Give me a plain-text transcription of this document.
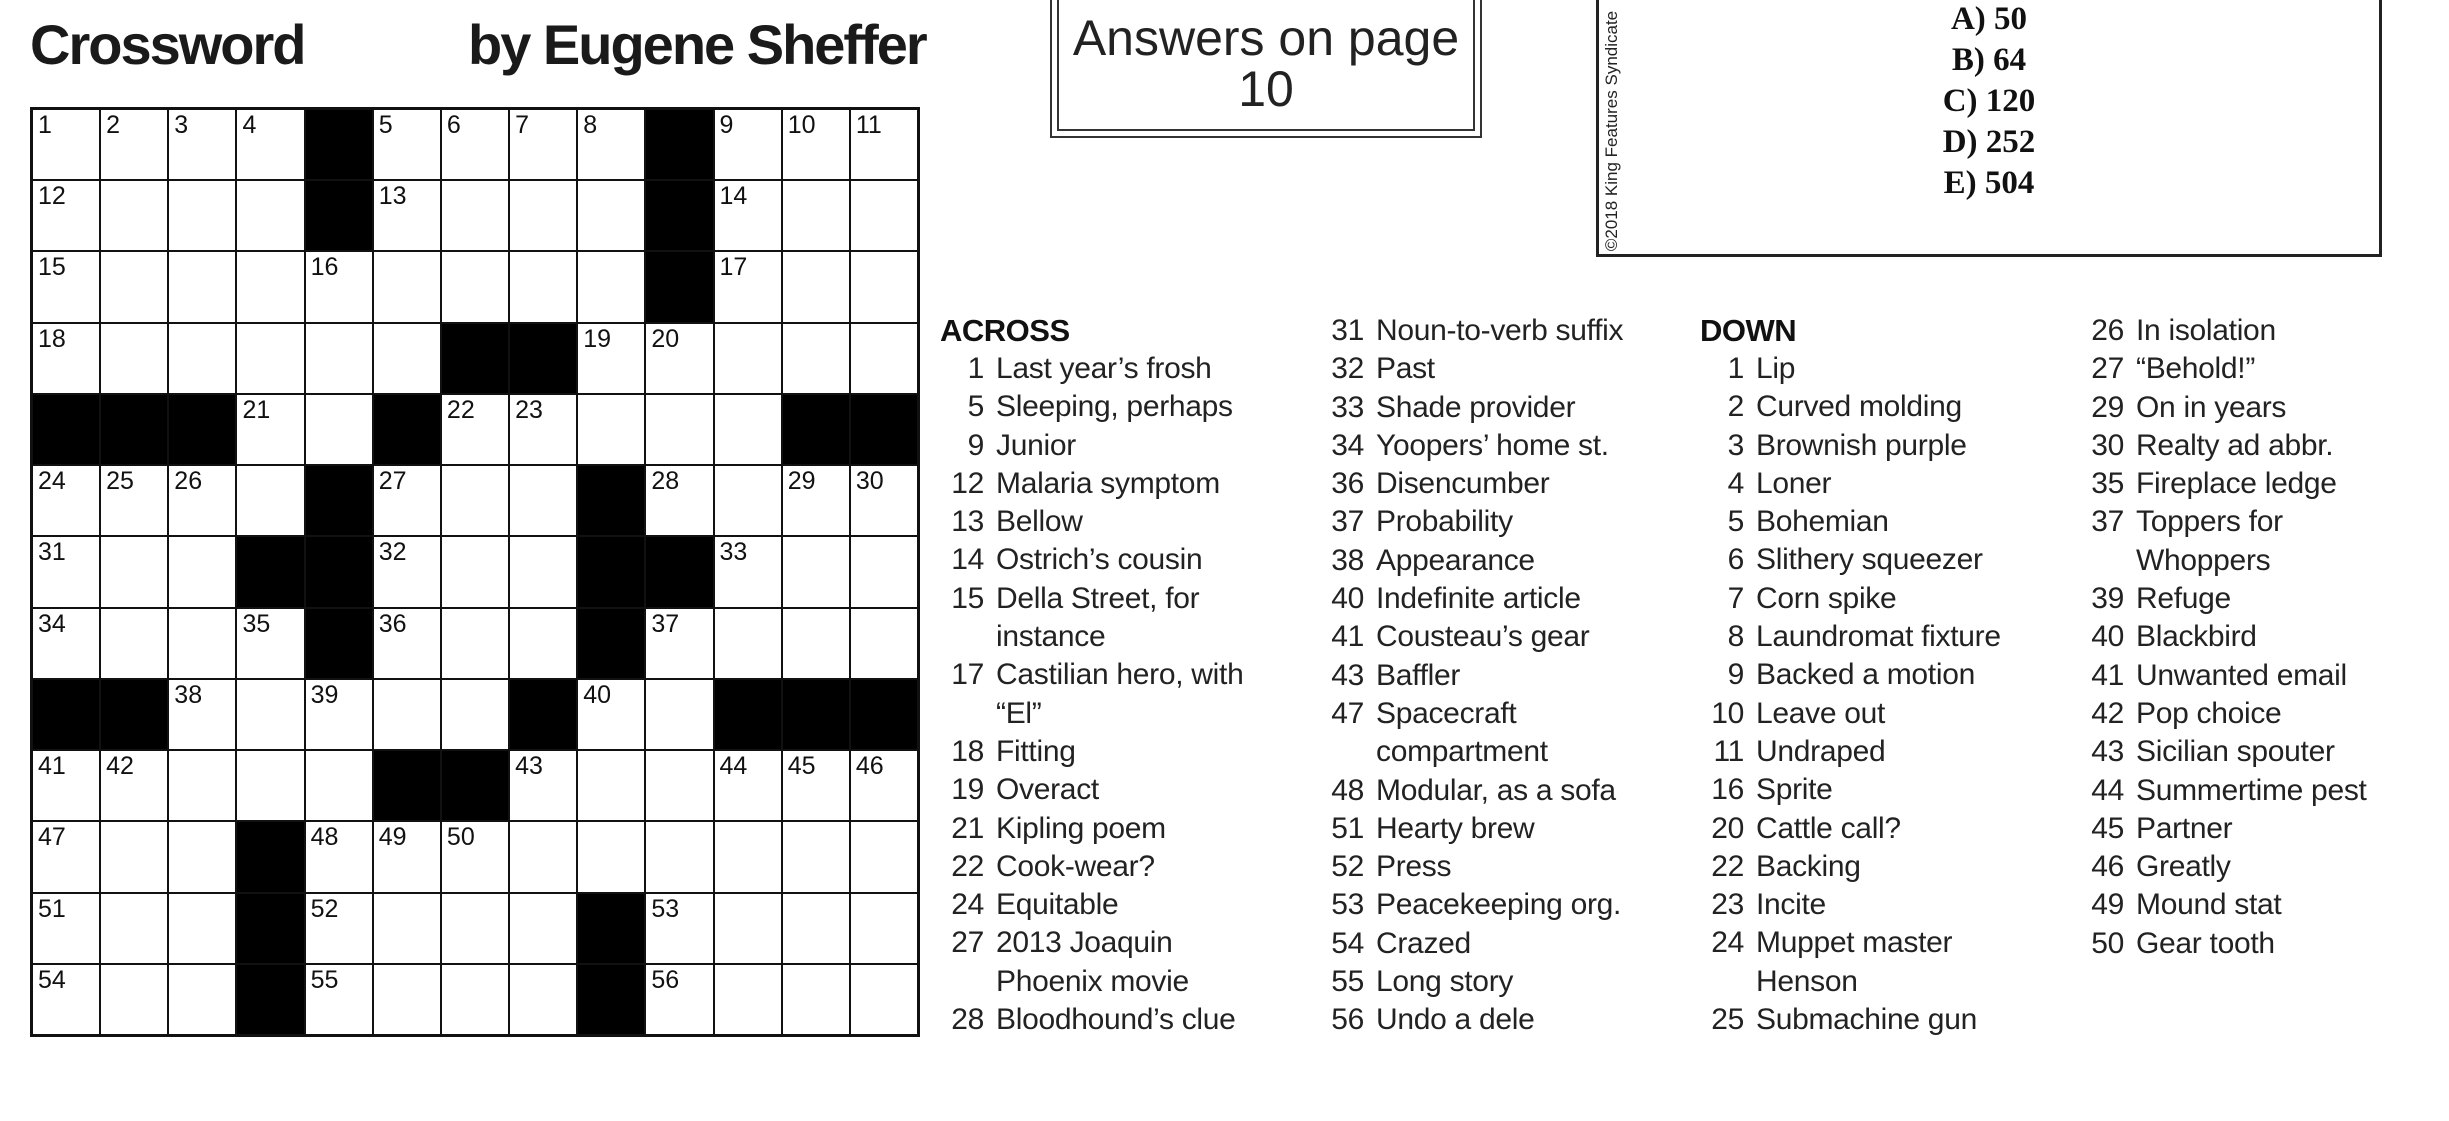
Crossword	by Eugene Sheffer
1 2 3 4	5 6 7 8	9 10 11
12	13	14
15	16	17
18	19 20
21	22 23
24 25 26	27	28	29 30
31	32	33
34	35	36	37
38	39	40
41 42	43	44 45 46
47	48 49 50
51	52	53
54	55	56
Answers on page
10
A) 50
B) 64
C) 120
D) 252
E) 504
©2018 King Features Syndicate
ACROSS
1 Last year’s frosh
5 Sleeping, perhaps
9 Junior
12 Malaria symptom
13 Bellow
14 Ostrich’s cousin
15 Della Street, for
instance
17 Castilian hero, with
“El”
18 Fitting
19 Overact
21 Kipling poem
22 Cook-wear?
24 Equitable
27 2013 Joaquin
Phoenix movie
28 Bloodhound’s clue
31 Noun-to-verb suffix
32 Past
33 Shade provider
34 Yoopers’ home st.
36 Disencumber
37 Probability
38 Appearance
40 Indefinite article
41 Cousteau’s gear
43 Baffler
47 Spacecraft
compartment
48 Modular, as a sofa
51 Hearty brew
52 Press
53 Peacekeeping org.
54 Crazed
55 Long story
56 Undo a dele
DOWN
1 Lip
2 Curved molding
3 Brownish purple
4 Loner
5 Bohemian
6 Slithery squeezer
7 Corn spike
8 Laundromat fixture
9 Backed a motion
10 Leave out
11 Undraped
16 Sprite
20 Cattle call?
22 Backing
23 Incite
24 Muppet master
Henson
25 Submachine gun
26 In isolation
27 “Behold!”
29 On in years
30 Realty ad abbr.
35 Fireplace ledge
37 Toppers for
Whoppers
39 Refuge
40 Blackbird
41 Unwanted email
42 Pop choice
43 Sicilian spouter
44 Summertime pest
45 Partner
46 Greatly
49 Mound stat
50 Gear tooth
